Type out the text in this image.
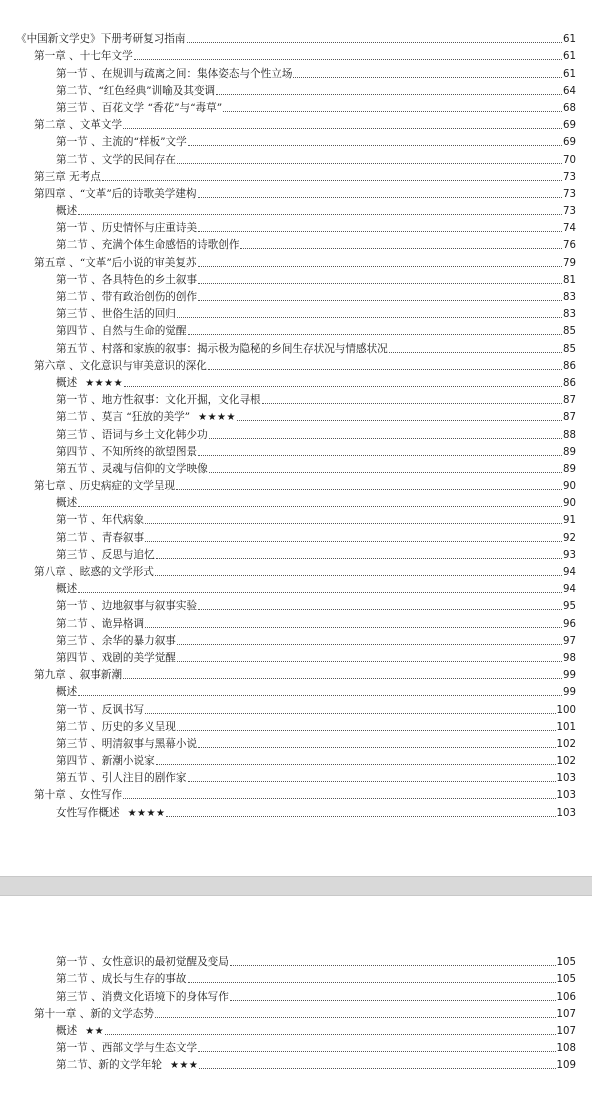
《中国新文学史》下册考研复习指南	61
第一章 、十七年文学	61
第一节 、在规训与疏离之间：集体姿态与个性立场	61
第二节、“红色经典”训喻及其变调	64
第三节 、百花文学 “香花”与“毒草”	68
第二章 、文革文学	69
第一节 、主流的“样板”文学	69
第二节 、文学的民间存在	70
第三章 无考点	73
第四章 、“文革”后的诗歌美学建构	73
概述	73
第一节 、历史情怀与庄重诗美	74
第二节 、充满个体生命感悟的诗歌创作	76
第五章 、“文革”后小说的审美复苏	79
第一节 、各具特色的乡土叙事	81
第二节 、带有政治创伤的创作	83
第三节 、世俗生活的回归	83
第四节 、自然与生命的觉醒	85
第五节 、村落和家族的叙事：揭示极为隐秘的乡间生存状况与情感状况	85
第六章 、文化意识与审美意识的深化	86
概述 ★★★★	86
第一节 、地方性叙事：文化开掘，文化寻根	87
第二节 、莫言 “狂放的美学” ★★★★	87
第三节 、语词与乡土文化韩少功	88
第四节 、不知所终的欲望图景	89
第五节 、灵魂与信仰的文学映像	89
第七章 、历史病症的文学呈现	90
概述	90
第一节 、年代病象	91
第二节 、青春叙事	92
第三节 、反思与追忆	93
第八章 、眩惑的文学形式	94
概述	94
第一节 、边地叙事与叙事实验	95
第二节 、诡异格调	96
第三节 、余华的暴力叙事	97
第四节 、戏剧的美学觉醒	98
第九章 、叙事新潮	99
概述	99
第一节 、反讽书写	100
第二节 、历史的多义呈现	101
第三节 、明清叙事与黑幕小说	102
第四节 、新潮小说家	102
第五节 、引人注目的剧作家	103
第十章 、女性写作	103
女性写作概述 ★★★★	103
第一节 、女性意识的最初觉醒及变局	105
第二节 、成长与生存的事故	105
第三节 、消费文化语境下的身体写作	106
第十一章 、新的文学态势	107
概述 ★★	107
第一节 、西部文学与生态文学	108
第二节、新的文学年轮 ★★★	109
